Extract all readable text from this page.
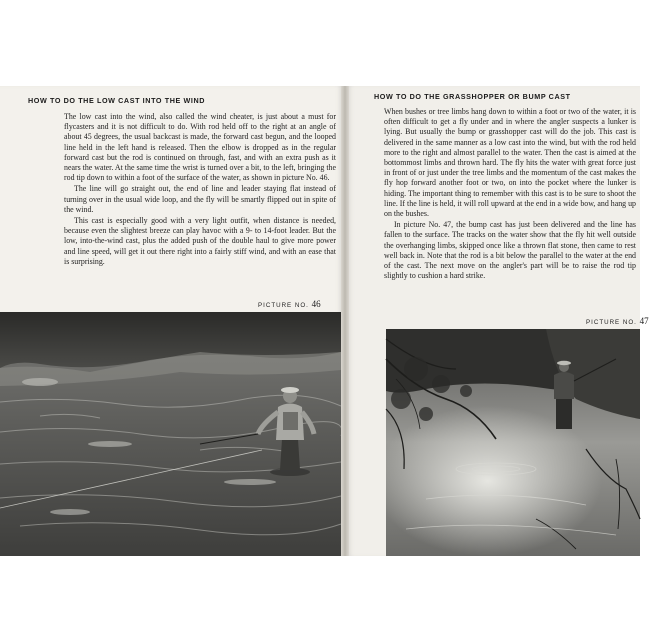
HOW TO DO THE LOW CAST INTO THE WIND

The low cast into the wind, also called the wind cheater, is just about a must for flycasters and it is not difficult to do. With rod held off to the right at an angle of about 45 degrees, the usual backcast is made, the forward cast begun, and the looped line held in the left hand is released. Then the elbow is dropped as in the regular forward cast but the rod is continued on through, fast, and with an extra push as it nears the water. At the same time the wrist is turned over a bit, to the left, bringing the rod tip down to within a foot of the surface of the water, as shown in picture No. 46.

The line will go straight out, the end of line and leader staying flat instead of turning over in the usual wide loop, and the fly will be smartly flipped out in spite of the wind.

This cast is especially good with a very light outfit, when distance is needed, because even the slightest breeze can play havoc with a 9- to 14-foot leader. But the low, into-the-wind cast, plus the added push of the double haul to give more power and line speed, will get it out there right into a fairly stiff wind, and with an ease that is surprising.

PICTURE NO. 46
HOW TO DO THE GRASSHOPPER OR BUMP CAST

When bushes or tree limbs hang down to within a foot or two of the water, it is often difficult to get a fly under and in where the angler suspects a lunker is lying. But usually the bump or grasshopper cast will do the job. This cast is delivered in the same manner as a low cast into the wind, but with the rod held more to the right and almost parallel to the water. Then the cast is aimed at the bottommost limbs and thrown hard. The fly hits the water with great force just in front of or just under the tree limbs and the momentum of the cast makes the fly hop forward another foot or two, on into the pocket where the lunker is hiding. The important thing to remember with this cast is to be sure to shoot the line. If the line is held, it will roll upward at the end in a wide bow, and hang up on the bushes.

In picture No. 47, the bump cast has just been delivered and the line has fallen to the surface. The tracks on the water show that the fly hit well outside the overhanging limbs, skipped once like a thrown flat stone, then came to rest well back in. Note that the rod is a bit below the parallel to the water at the end of the cast. The next move on the angler's part will be to raise the rod tip slightly to cushion a hard strike.

PICTURE NO. 47
